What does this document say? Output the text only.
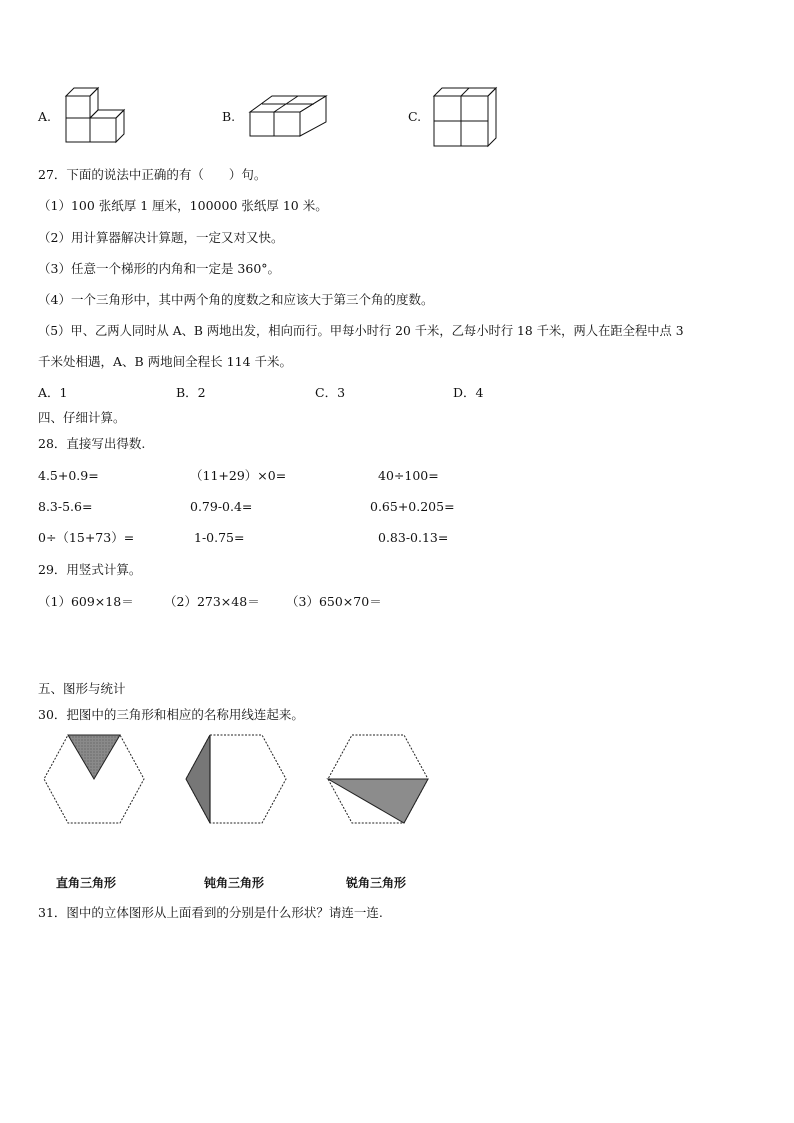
A.	B.	C.
27．下面的说法中正确的有（　　）句。
（1）100 张纸厚 1 厘米，100000 张纸厚 10 米。
（2）用计算器解决计算题，一定又对又快。
（3）任意一个梯形的内角和一定是 360°。
（4）一个三角形中，其中两个角的度数之和应该大于第三个角的度数。
（5）甲、乙两人同时从 A、B 两地出发，相向而行。甲每小时行 20 千米，乙每小时行 18 千米，两人在距全程中点 3
千米处相遇，A、B 两地间全程长 114 千米。
A．1	B．2	C．3	D．4
四、仔细计算。
28．直接写出得数.
4.5+0.9=	（11+29）×0=	40÷100=
8.3-5.6=	0.79-0.4=	0.65+0.205=
0÷（15+73）=	1-0.75=	0.83-0.13=
29．用竖式计算。
（1）609×18＝ （2）273×48＝ （3）650×70＝
五、图形与统计
30．把图中的三角形和相应的名称用线连起来。
直角三角形	钝角三角形	锐角三角形
31．图中的立体图形从上面看到的分别是什么形状？请连一连.
